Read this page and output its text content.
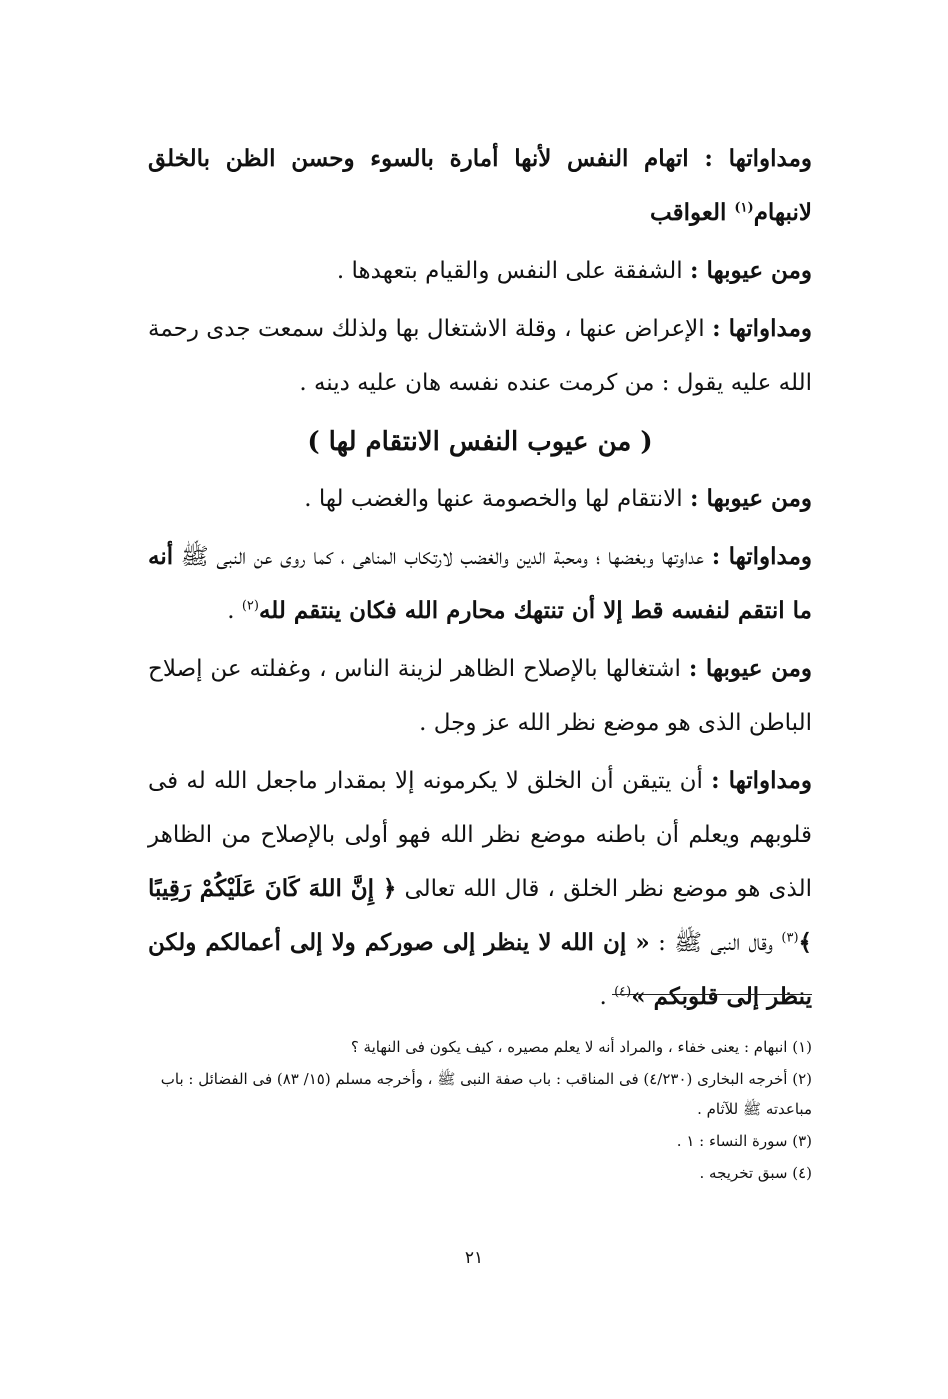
ومداواتها : اتهام النفس لأنها أمارة بالسوء وحسن الظن بالخلق لانبهام$^{(١)}$ العواقب

ومن عيوبها : الشفقة على النفس والقيام بتعهدها .

ومداواتها : الإعراض عنها ، وقلة الاشتغال بها ولذلك سمعت جدى رحمة الله عليه يقول : من كرمت عنده نفسه هان عليه دينه .

( من عيوب النفس الانتقام لها )

ومن عيوبها : الانتقام لها والخصومة عنها والغضب لها .

ومداواتها : عداوتها وبغضها ؛ ومحبة الدين والغضب لارتكاب المناهى ، كما روى عن النبى ﷺ أنه ما انتقم لنفسه قط إلا أن تنتهك محارم الله فكان ينتقم لله$^{(٢)}$ .

ومن عيوبها : اشتغالها بالإصلاح الظاهر لزينة الناس ، وغفلته عن إصلاح الباطن الذى هو موضع نظر الله عز وجل .

ومداواتها : أن يتيقن أن الخلق لا يكرمونه إلا بمقدار ماجعل الله له فى قلوبهم ويعلم أن باطنه موضع نظر الله فهو أولى بالإصلاح من الظاهر الذى هو موضع نظر الخلق ، قال الله تعالى ﴿ إِنَّ اللهَ كَانَ عَلَيْكُمْ رَقِيبًا ﴾$^{(٣)}$ وقال النبى ﷺ : « إن الله لا ينظر إلى صوركم ولا إلى أعمالكم ولكن ينظر إلى قلوبكم »$^{(٤)}$ .

(١) انبهام : يعنى خفاء ، والمراد أنه لا يعلم مصيره ، كيف يكون فى النهاية ؟

(٢) أخرجه البخارى (٤/٢٣٠) فى المناقب : باب صفة النبى ﷺ ، وأخرجه مسلم (١٥/ ٨٣) فى الفضائل : باب مباعدته ﷺ للآثام .

(٣) سورة النساء : ١ .

(٤) سبق تخريجه .

٢١
